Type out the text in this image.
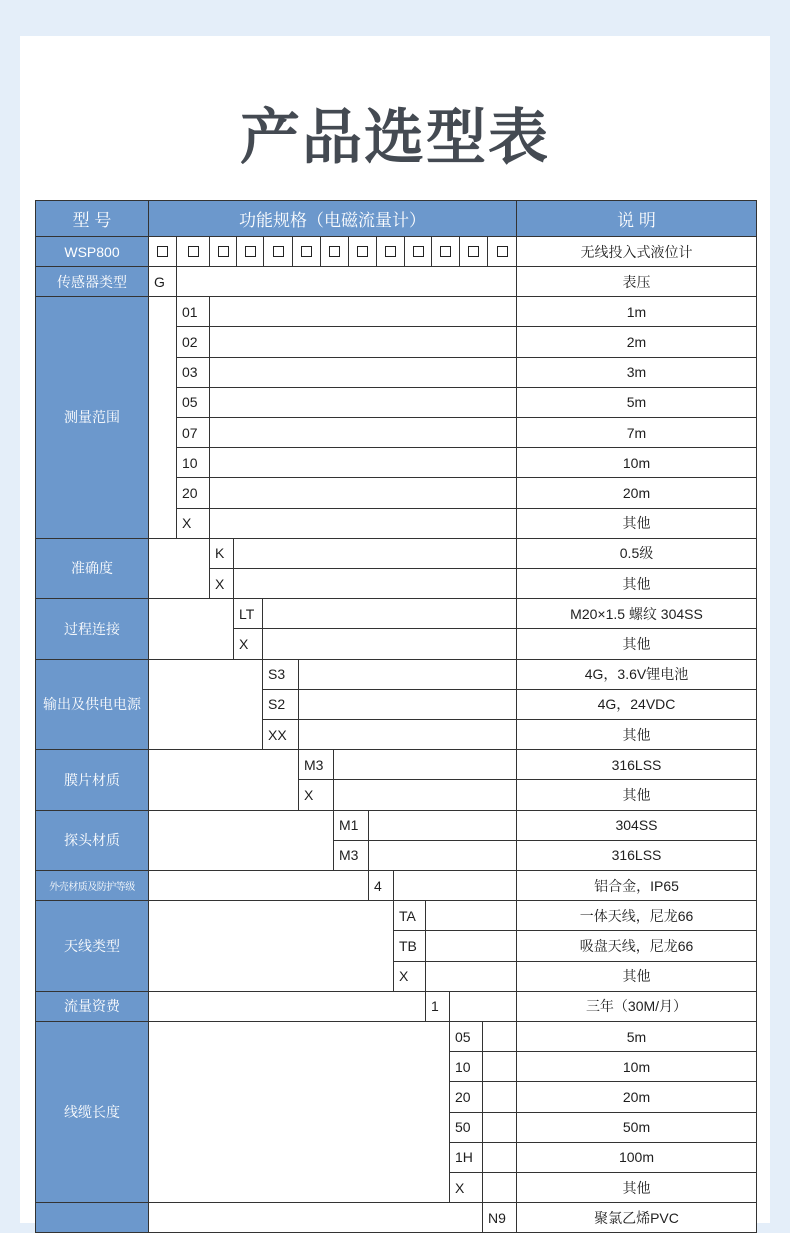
产品选型表
型 号	功能规格（电磁流量计）	说 明
WSP800	无线投入式液位计
传感器类型	G	表压
测量范围
01	1m
02	2m
03	3m
05	5m
07	7m
10	10m
20	20m
X	其他
准确度
K	0.5级
X	其他
过程连接
LT	M20×1.5 螺纹 304SS
X	其他
输出及供电电源
S3	4G，3.6V锂电池
S2	4G，24VDC
XX	其他
膜片材质
M3	316LSS
X	其他
探头材质
M1	304SS
M3	316LSS
外壳材质及防护等级	4	铝合金，IP65
天线类型
TA	一体天线，尼龙66
TB	吸盘天线，尼龙66
X	其他
流量资费	1	三年（30M/月）
线缆长度
05	5m
10	10m
20	20m
50	50m
1H	100m
X	其他
N9	聚氯乙烯PVC
